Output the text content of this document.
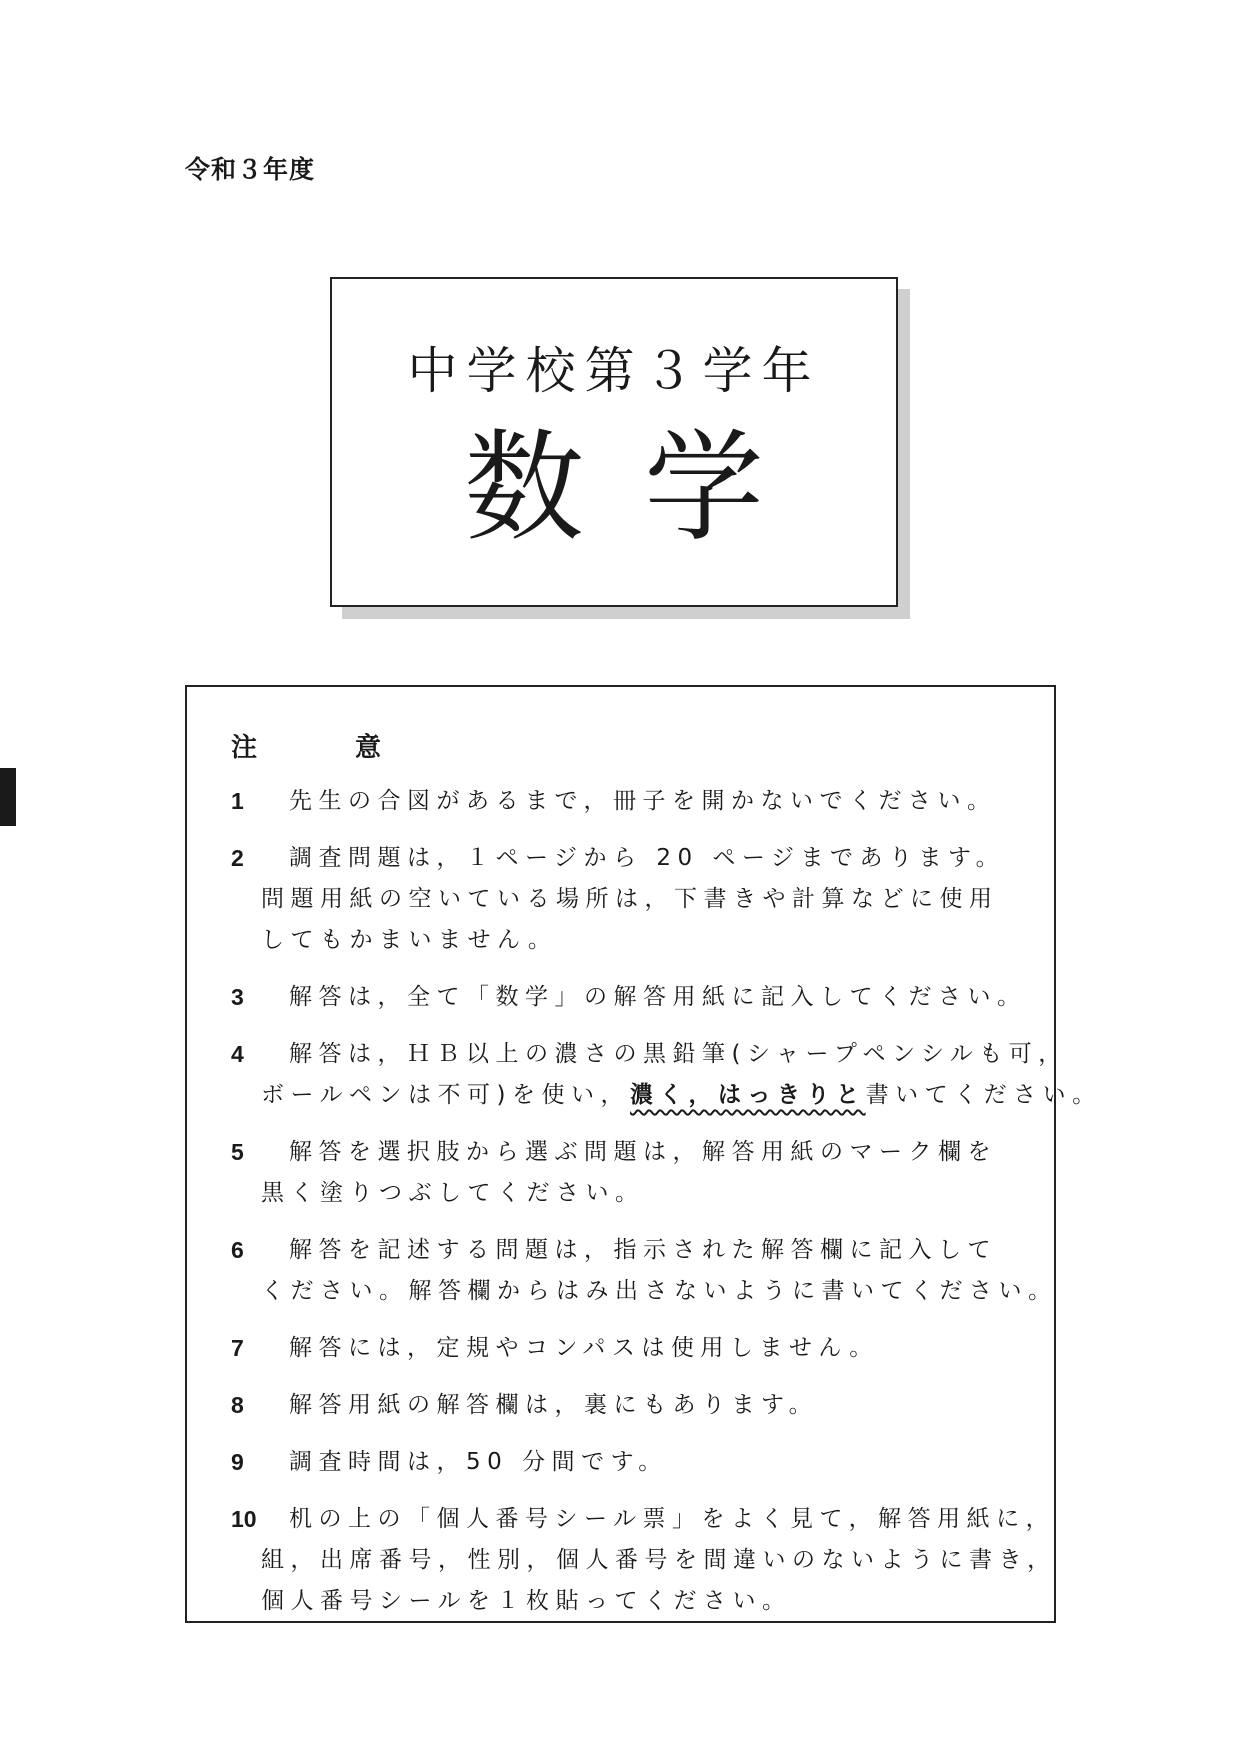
令和３年度
中学校第３学年
数学
注　意
1	先生の合図があるまで，冊子を開かないでください。
2	調査問題は，１ページから 20 ページまであります。
問題用紙の空いている場所は，下書きや計算などに使用
してもかまいません。
3	解答は，全て「数学」の解答用紙に記入してください。
4	解答は，ＨＢ以上の濃さの黒鉛筆(シャープペンシルも可，
ボールペンは不可)を使い，濃く，はっきりと書いてください。
5	解答を選択肢から選ぶ問題は，解答用紙のマーク欄を
黒く塗りつぶしてください。
6	解答を記述する問題は，指示された解答欄に記入して
ください。解答欄からはみ出さないように書いてください。
7	解答には，定規やコンパスは使用しません。
8	解答用紙の解答欄は，裏にもあります。
9	調査時間は，50 分間です。
10	机の上の「個人番号シール票」をよく見て，解答用紙に，
組，出席番号，性別，個人番号を間違いのないように書き，
個人番号シールを１枚貼ってください。
